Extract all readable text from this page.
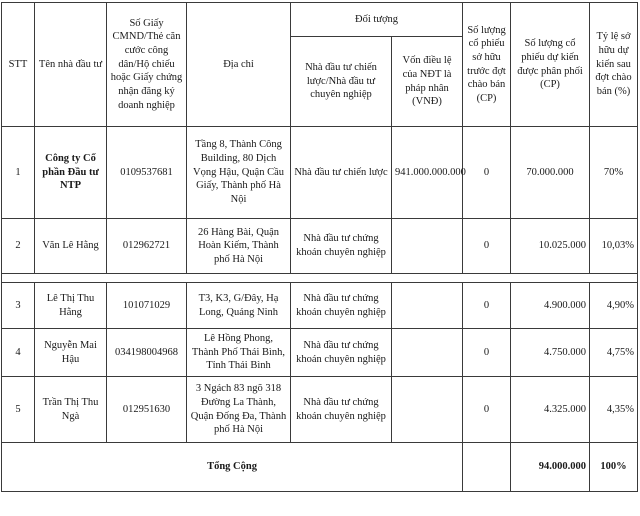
STT	Tên nhà đầu tư	Số Giấy CMND/Thẻ căn cước công dân/Hộ chiếu hoặc Giấy chứng nhận đăng ký doanh nghiệp	Địa chỉ	Đối tượng		Số lượng cổ phiếu sở hữu trước đợt chào bán (CP)	Số lượng cổ phiếu dự kiến được phân phối (CP)	Tỷ lệ sở hữu dự kiến sau đợt chào bán (%)
				Nhà đầu tư chiến lược/Nhà đầu tư chuyên nghiệp	Vốn điều lệ của NĐT là pháp nhân (VNĐ)			
1	Công ty Cổ phần Đầu tư NTP	0109537681	Tầng 8, Thành Công Building, 80 Dịch Vọng Hậu, Quận Cầu Giấy, Thành phố Hà Nội	Nhà đầu tư chiến lược	941.000.000.000	0	70.000.000	70%
2	Văn Lê Hằng	012962721	26 Hàng Bài, Quận Hoàn Kiếm, Thành phố Hà Nội	Nhà đầu tư chứng khoán chuyên nghiệp		0	10.025.000	10,03%

3	Lê Thị Thu Hằng	101071029	T3, K3, G/Đây, Hạ Long, Quảng Ninh	Nhà đầu tư chứng khoán chuyên nghiệp		0	4.900.000	4,90%
4	Nguyễn Mai Hậu	034198004968	Lê Hồng Phong, Thành Phố Thái Bình, Tỉnh Thái Bình	Nhà đầu tư chứng khoán chuyên nghiệp		0	4.750.000	4,75%
5	Trần Thị Thu Ngà	012951630	3 Ngách 83 ngõ 318 Đường La Thành, Quận Đống Đa, Thành phố Hà Nội	Nhà đầu tư chứng khoán chuyên nghiệp		0	4.325.000	4,35%
Tổng Cộng							94.000.000	100%
